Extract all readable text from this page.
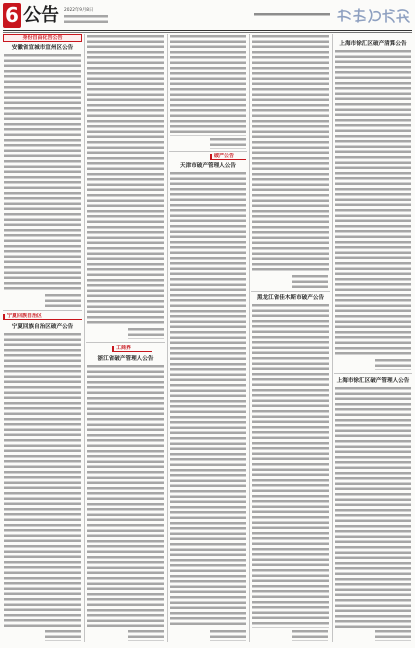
6 公告 2022年9月8日
身份自由化告公告
安徽省宣城市宣州区公告
宁夏回族自治区
宁夏回族自治区破产公告
工商界
浙江省破产管理人公告
破产公告
天津市破产管理人公告
黑龙江省佳木斯市破产公告
上海市徐汇区破产清算公告
上海市徐汇区破产管理人公告
